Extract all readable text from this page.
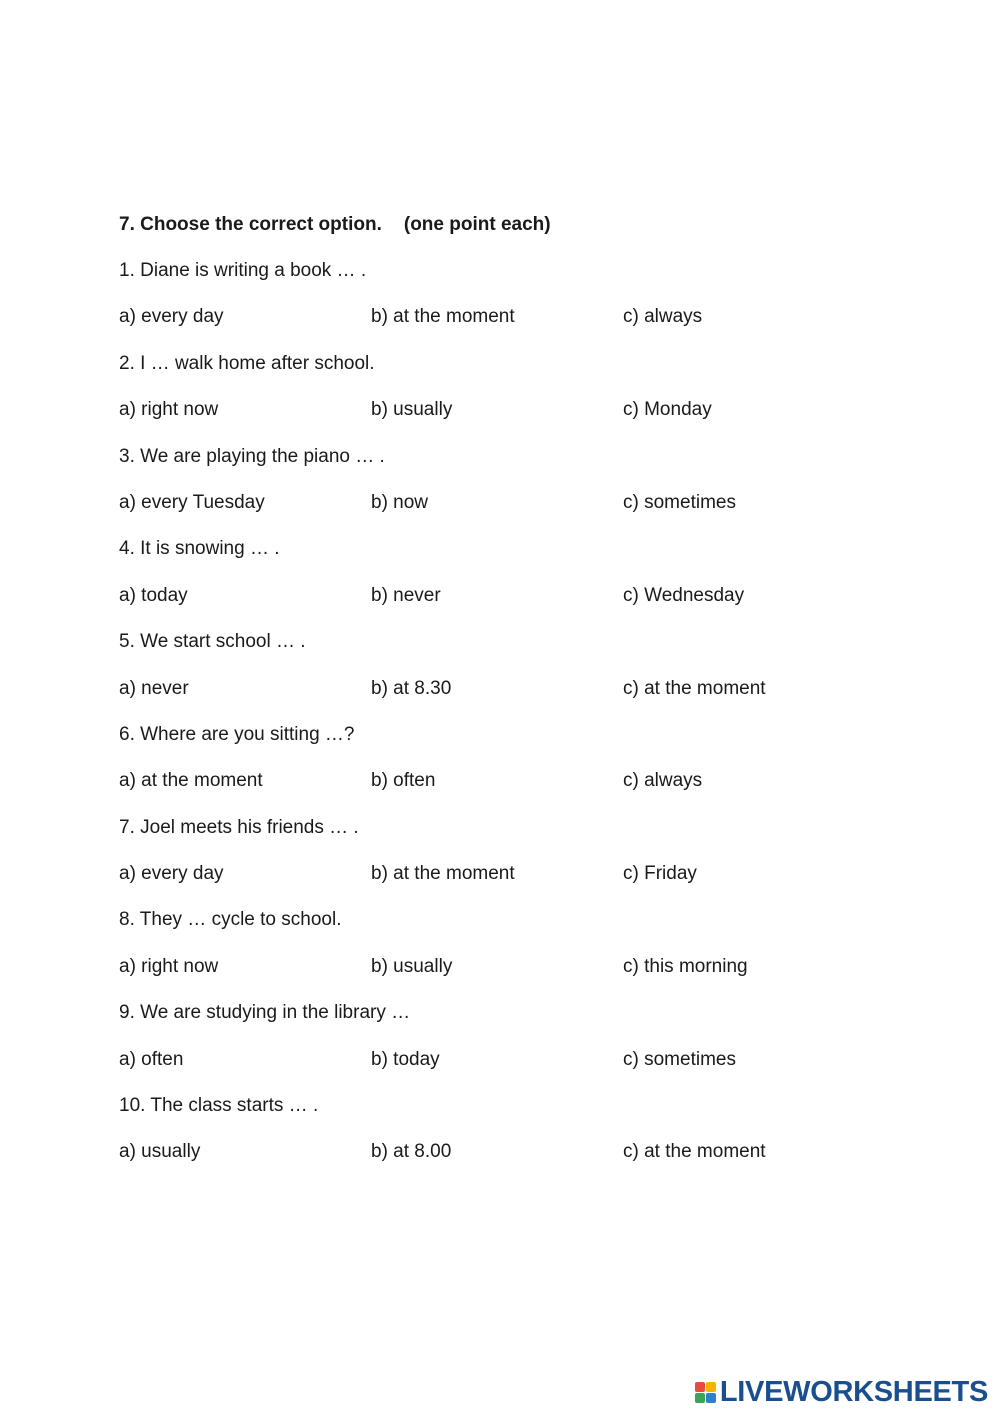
7. Choose the correct option. (one point each)
1. Diane is writing a book … .
a) every day	b) at the moment	c) always
2. I … walk home after school.
a) right now	b) usually	c) Monday
3. We are playing the piano … .
a) every Tuesday	b) now	c) sometimes
4. It is snowing … .
a) today	b) never	c) Wednesday
5. We start school … .
a) never	b) at 8.30	c) at the moment
6. Where are you sitting …?
a) at the moment	b) often	c) always
7. Joel meets his friends … .
a) every day	b) at the moment	c) Friday
8. They … cycle to school.
a) right now	b) usually	c) this morning
9. We are studying in the library …
a) often	b) today	c) sometimes
10. The class starts … .
a) usually	b) at 8.00	c) at the moment
LIVEWORKSHEETS
